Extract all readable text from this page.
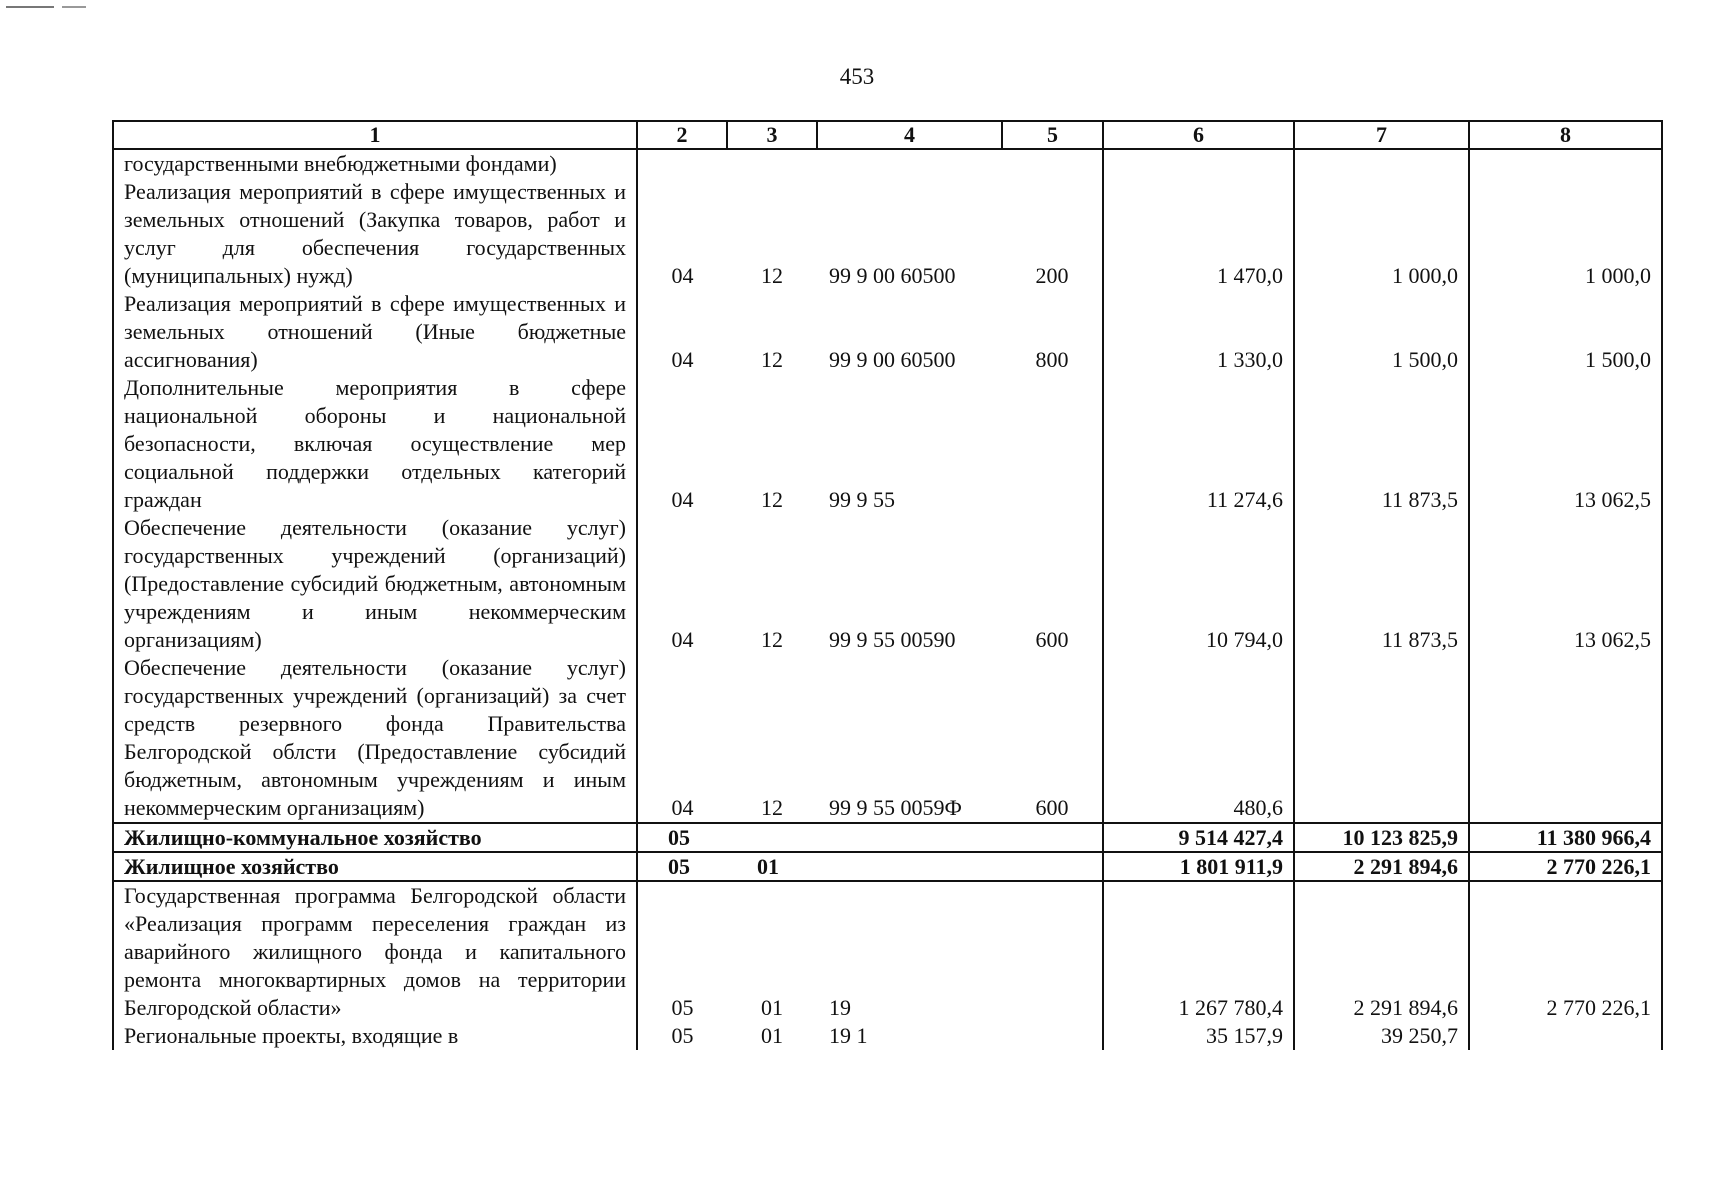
453
1	2	3	4	5	6	7	8
государственными внебюджетными фондами)							
Реализация мероприятий в сфере имущественных и земельных отношений (Закупка товаров, работ и услуг для обеспечения государственных (муниципальных) нужд)	04	12	99 9 00 60500	200	1 470,0	1 000,0	1 000,0
Реализация мероприятий в сфере имущественных и земельных отношений (Иные бюджетные ассигнования)	04	12	99 9 00 60500	800	1 330,0	1 500,0	1 500,0
Дополнительные мероприятия в сфере национальной обороны и национальной безопасности, включая осуществление мер социальной поддержки отдельных категорий граждан	04	12	99 9 55		11 274,6	11 873,5	13 062,5
Обеспечение деятельности (оказание услуг) государственных учреждений (организаций) (Предоставление субсидий бюджетным, автономным учреждениям и иным некоммерческим организациям)	04	12	99 9 55 00590	600	10 794,0	11 873,5	13 062,5
Обеспечение деятельности (оказание услуг) государственных учреждений (организаций) за счет средств резервного фонда Правительства Белгородской облсти (Предоставление субсидий бюджетным, автономным учреждениям и иным некоммерческим организациям)	04	12	99 9 55 0059Ф	600	480,6		
Жилищно-коммунальное хозяйство	05				9 514 427,4	10 123 825,9	11 380 966,4
Жилищное хозяйство	05	01			1 801 911,9	2 291 894,6	2 770 226,1
Государственная программа Белгородской области «Реализация программ переселения граждан из аварийного жилищного фонда и капитального ремонта многоквартирных домов на территории Белгородской области»	05	01	19		1 267 780,4	2 291 894,6	2 770 226,1
Региональные проекты, входящие в	05	01	19 1		35 157,9	39 250,7	
